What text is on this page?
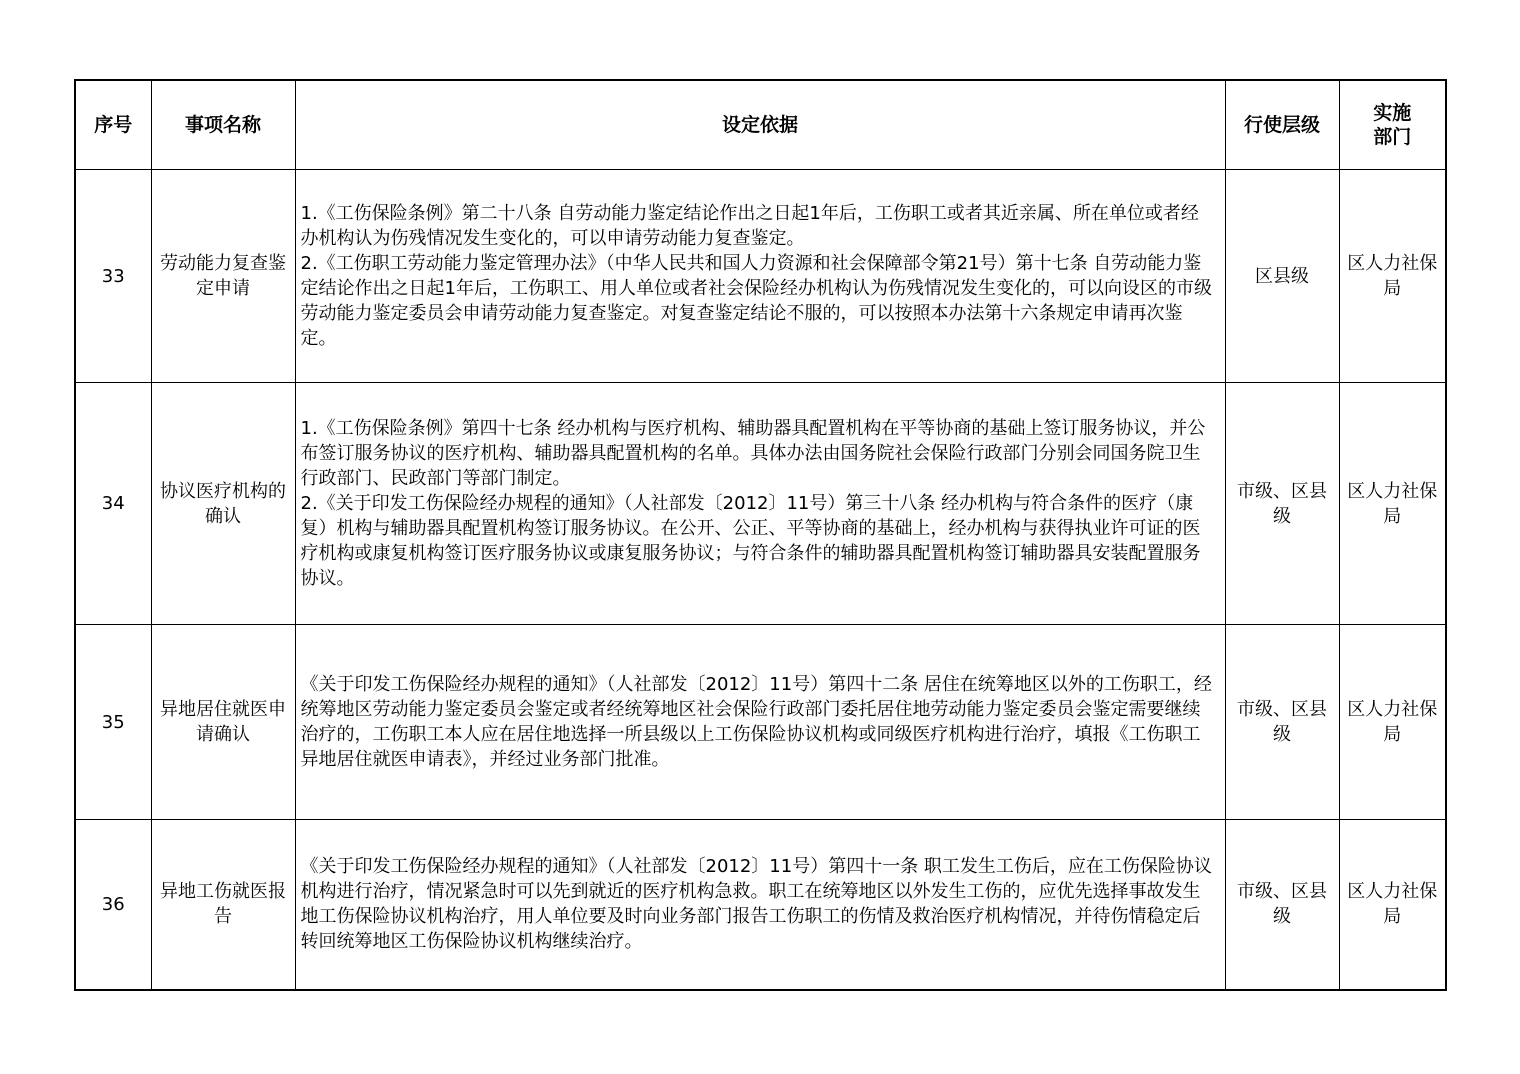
序号	事项名称	设定依据	行使层级	实施
部门
33	劳动能力复查鉴定申请	1.《工伤保险条例》第二十八条 自劳动能力鉴定结论作出之日起1年后，工伤职工或者其近亲属、所在单位或者经办机构认为伤残情况发生变化的，可以申请劳动能力复查鉴定。
2.《工伤职工劳动能力鉴定管理办法》（中华人民共和国人力资源和社会保障部令第21号）第十七条 自劳动能力鉴定结论作出之日起1年后，工伤职工、用人单位或者社会保险经办机构认为伤残情况发生变化的，可以向设区的市级劳动能力鉴定委员会申请劳动能力复查鉴定。对复查鉴定结论不服的，可以按照本办法第十六条规定申请再次鉴定。	区县级	区人力社保局
34	协议医疗机构的确认	1.《工伤保险条例》第四十七条 经办机构与医疗机构、辅助器具配置机构在平等协商的基础上签订服务协议，并公布签订服务协议的医疗机构、辅助器具配置机构的名单。具体办法由国务院社会保险行政部门分别会同国务院卫生行政部门、民政部门等部门制定。
2.《关于印发工伤保险经办规程的通知》（人社部发〔2012〕11号）第三十八条 经办机构与符合条件的医疗（康复）机构与辅助器具配置机构签订服务协议。在公开、公正、平等协商的基础上，经办机构与获得执业许可证的医疗机构或康复机构签订医疗服务协议或康复服务协议；与符合条件的辅助器具配置机构签订辅助器具安装配置服务协议。	市级、区县级	区人力社保局
35	异地居住就医申请确认	《关于印发工伤保险经办规程的通知》（人社部发〔2012〕11号）第四十二条 居住在统筹地区以外的工伤职工，经统筹地区劳动能力鉴定委员会鉴定或者经统筹地区社会保险行政部门委托居住地劳动能力鉴定委员会鉴定需要继续治疗的，工伤职工本人应在居住地选择一所县级以上工伤保险协议机构或同级医疗机构进行治疗，填报《工伤职工异地居住就医申请表》，并经过业务部门批准。	市级、区县级	区人力社保局
36	异地工伤就医报告	《关于印发工伤保险经办规程的通知》（人社部发〔2012〕11号）第四十一条 职工发生工伤后，应在工伤保险协议机构进行治疗，情况紧急时可以先到就近的医疗机构急救。职工在统筹地区以外发生工伤的，应优先选择事故发生地工伤保险协议机构治疗，用人单位要及时向业务部门报告工伤职工的伤情及救治医疗机构情况，并待伤情稳定后转回统筹地区工伤保险协议机构继续治疗。	市级、区县级	区人力社保局
